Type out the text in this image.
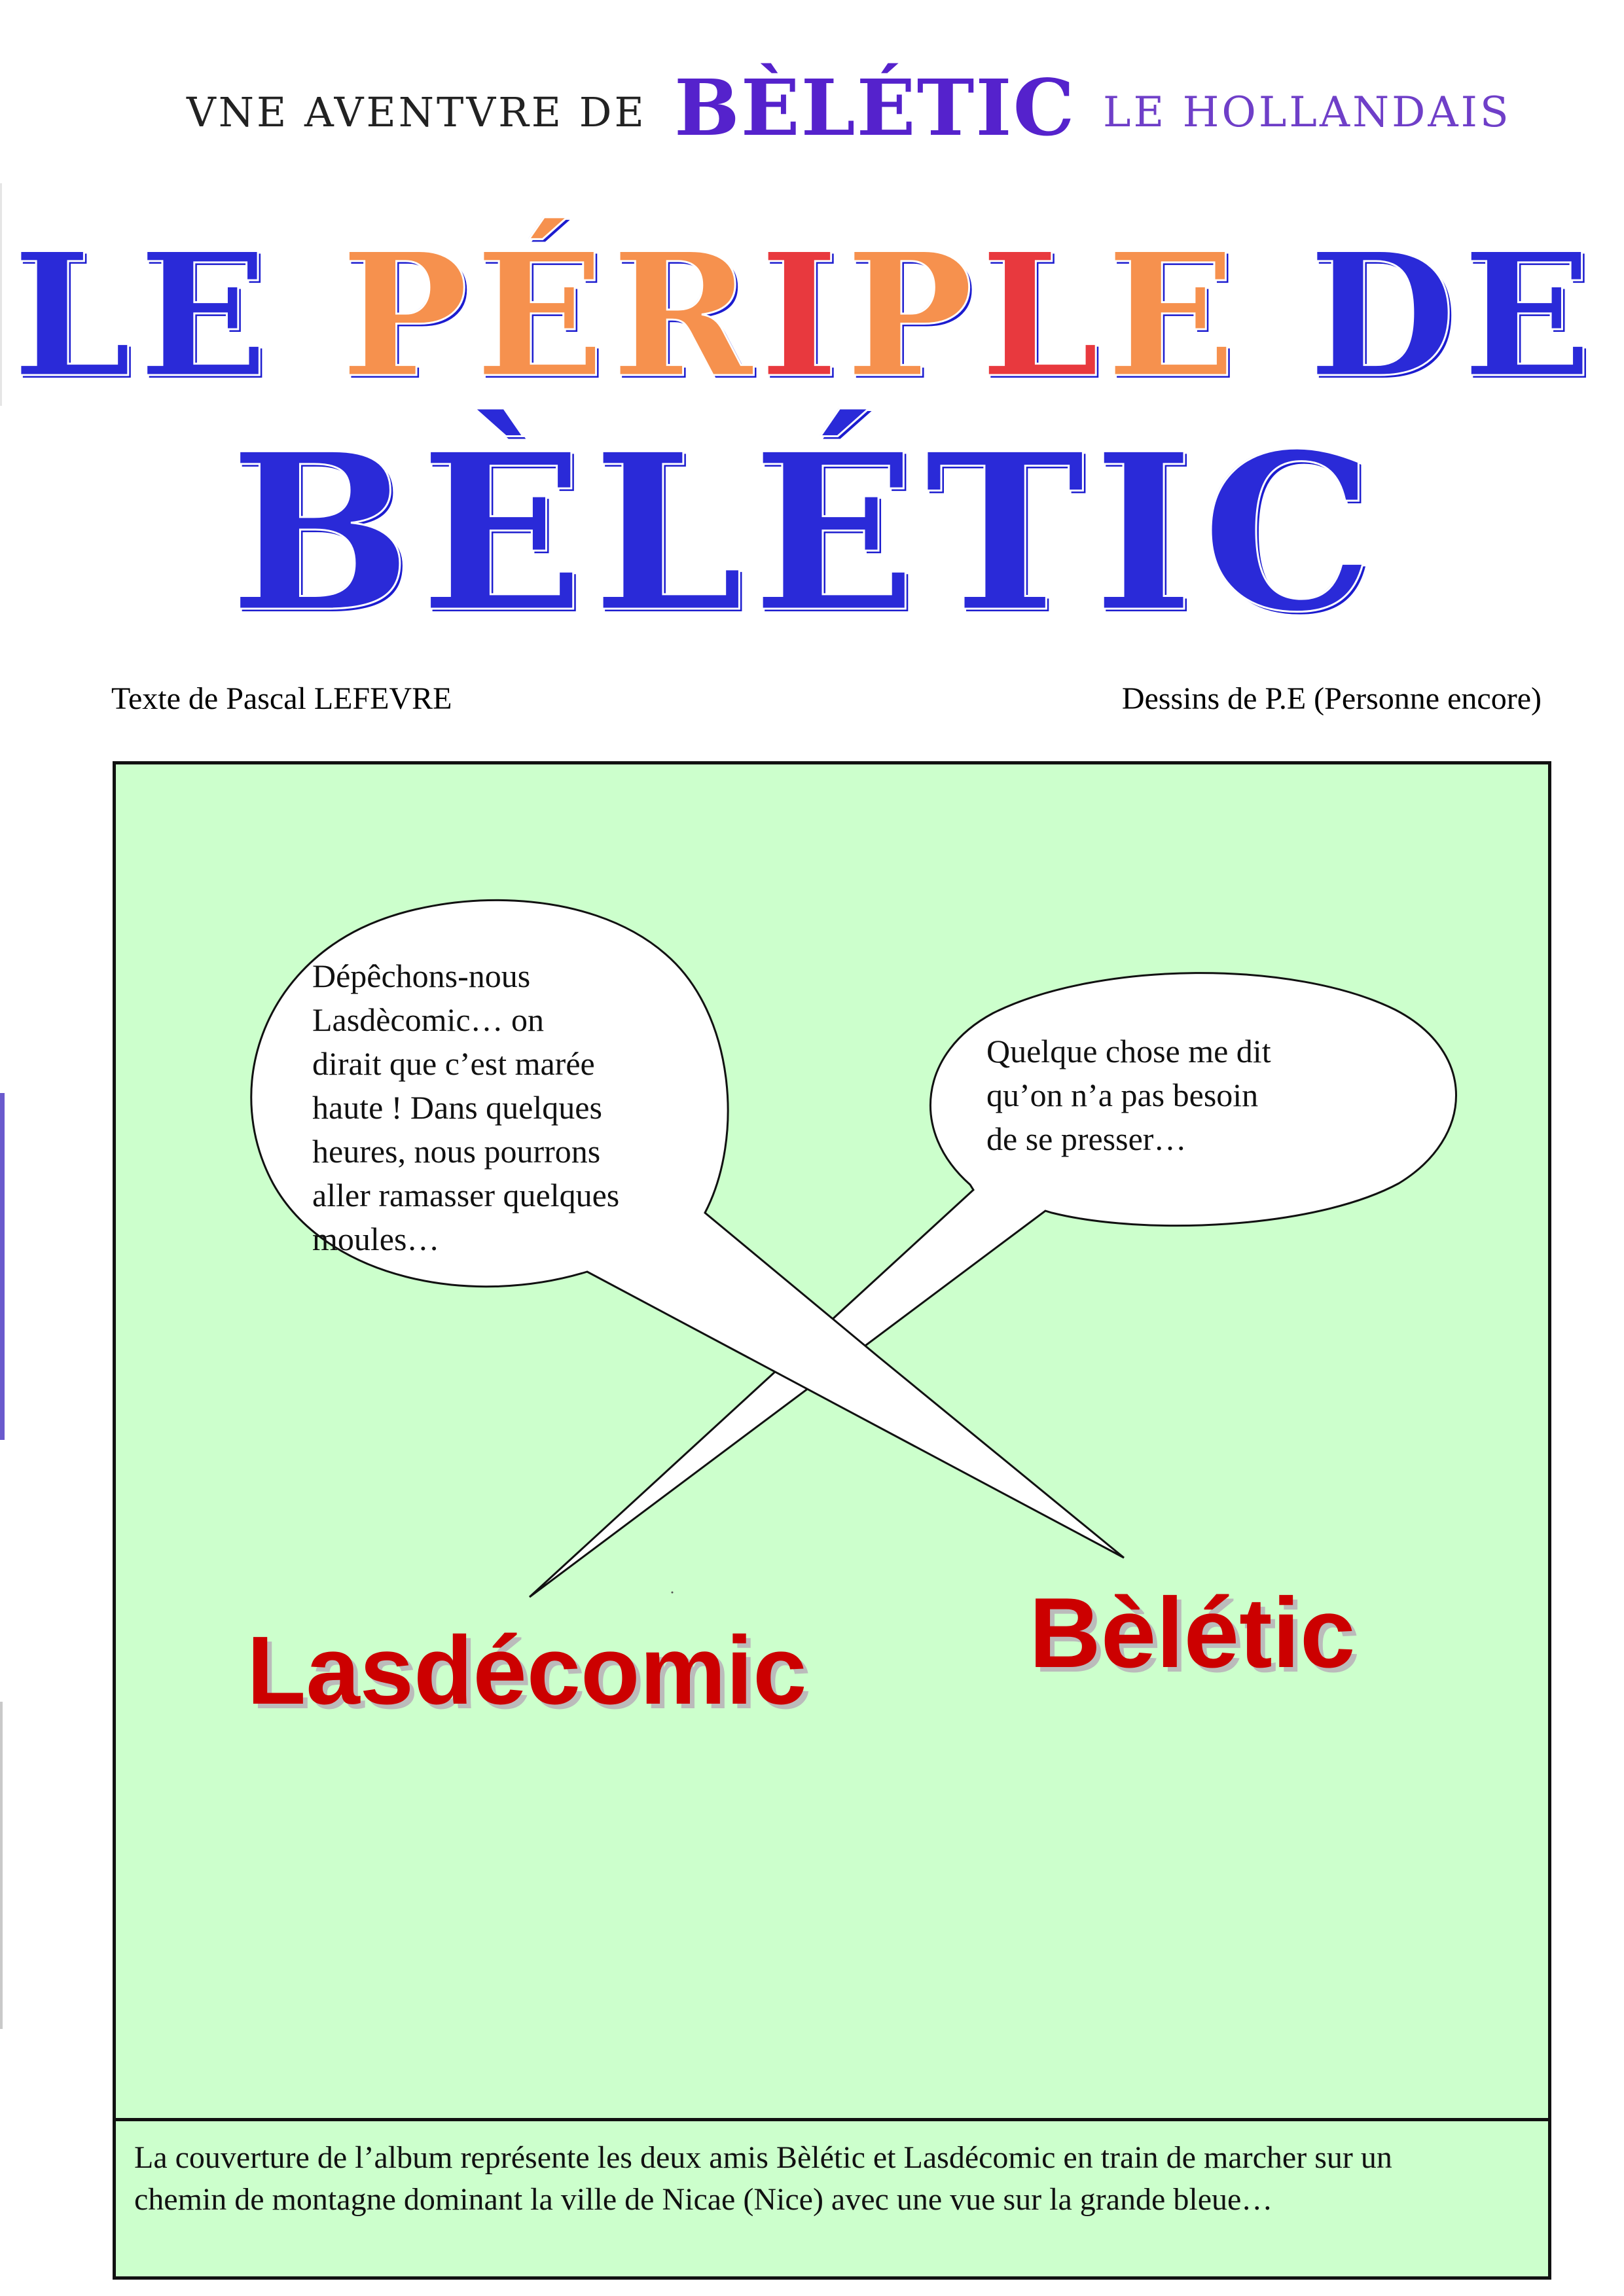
VNE AVENTVRE DE BÈLÉTIC LE HOLLANDAIS
LE PÉRIPLE DE
BÈLÉTIC
Texte de Pascal LEFEVRE	Dessins de P.E (Personne encore)
Dépêchons-nous
Lasdècomic… on
dirait que c’est marée
haute ! Dans quelques
heures, nous pourrons
aller ramasser quelques
moules…
Quelque chose me dit
qu’on n’a pas besoin
de se presser…
Lasdécomic Bèlétic
La couverture de l’album représente les deux amis Bèlétic et Lasdécomic en train de marcher sur un
chemin de montagne dominant la ville de Nicae (Nice) avec une vue sur la grande bleue…
